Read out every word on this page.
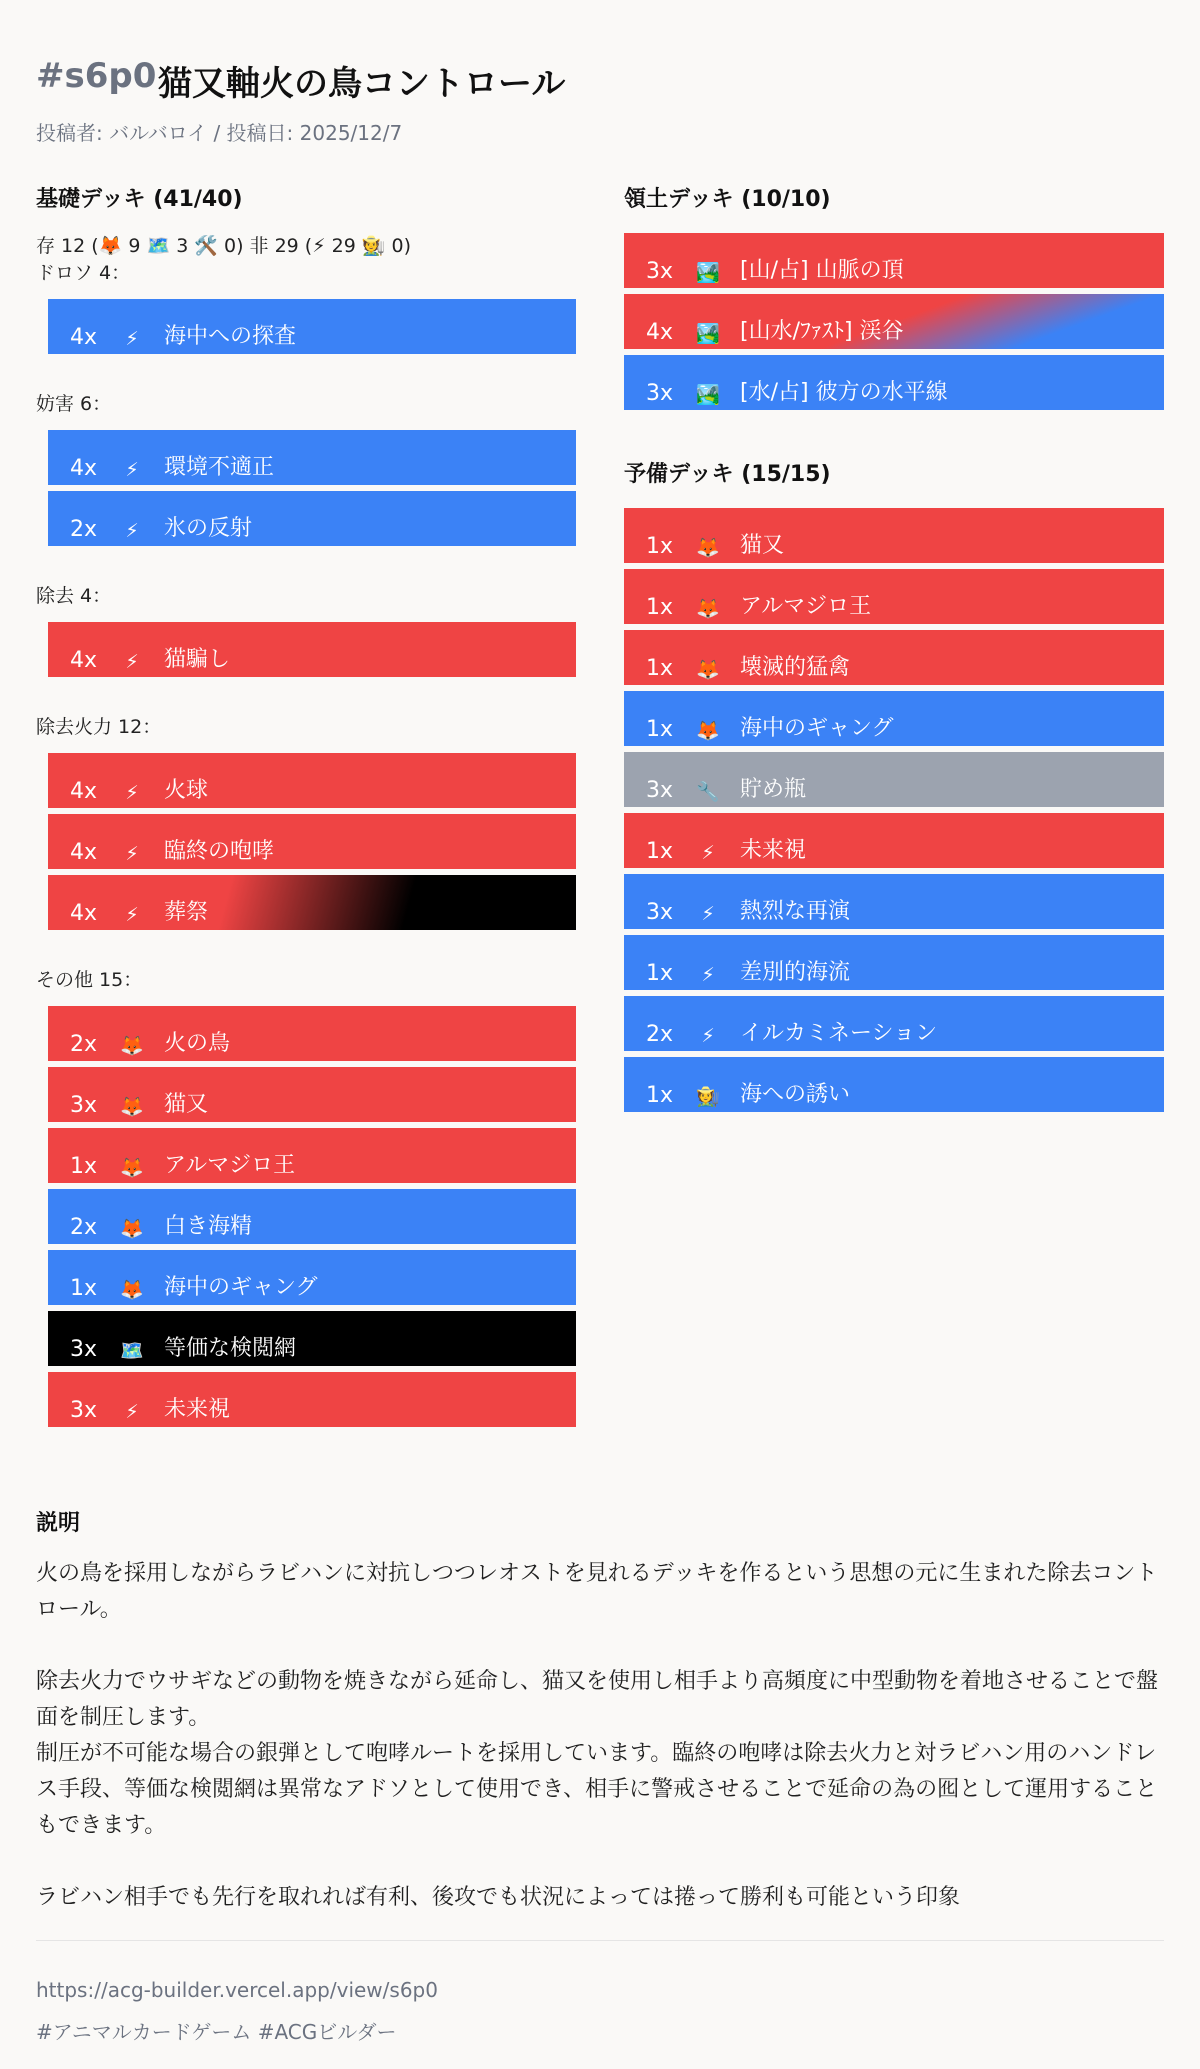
#s6p0 猫又軸火の鳥コントロール
投稿者: バルバロイ / 投稿日: 2025/12/7
基礎デッキ (41/40)
存 12 (🦊 9 🗺️ 3 🛠️ 0) 非 29 (⚡ 29 🧑‍🌾 0)
ドロソ 4：
4x	⚡	海中への探査
妨害 6：
4x	⚡	環境不適正
2x	⚡	氷の反射
除去 4：
4x	⚡	猫騙し
除去火力 12：
4x	⚡	火球
4x	⚡	臨終の咆哮
4x	⚡	葬祭
その他 15：
2x	🦊 火の鳥
3x	🦊 猫又
1x	🦊 アルマジロ王
2x	🦊 白き海精
1x	🦊 海中のギャング
3x	🗺️ 等価な検閲網
3x	⚡	未来視
領土デッキ (10/10)
3x	🏞️ [山/占] 山脈の頂
4x	🏞️ [山水/ﾌｧｽﾄ] 渓谷
3x	🏞️ [水/占] 彼方の水平線
予備デッキ (15/15)
1x	🦊 猫又
1x	🦊 アルマジロ王
1x	🦊 壊滅的猛禽
1x	🦊 海中のギャング
3x	🔧 貯め瓶
1x	⚡	未来視
3x	⚡	熱烈な再演
1x	⚡	差別的海流
2x	⚡	イルカミネーション
1x	🧑‍🌾 海への誘い
説明

火の鳥を採用しながらラビハンに対抗しつつレオストを見れるデッキを作るという思想の元に生まれた除去コントロール。

除去火力でウサギなどの動物を焼きながら延命し、猫又を使用し相手より高頻度に中型動物を着地させることで盤面を制圧します。

制圧が不可能な場合の銀弾として咆哮ルートを採用しています。臨終の咆哮は除去火力と対ラビハン用のハンドレス手段、等価な検閲網は異常なアドソとして使用でき、相手に警戒させることで延命の為の囮として運用することもできます。

ラビハン相手でも先行を取れれば有利、後攻でも状況によっては捲って勝利も可能という印象

https://acg-builder.vercel.app/view/s6p0
#アニマルカードゲーム #ACGビルダー
